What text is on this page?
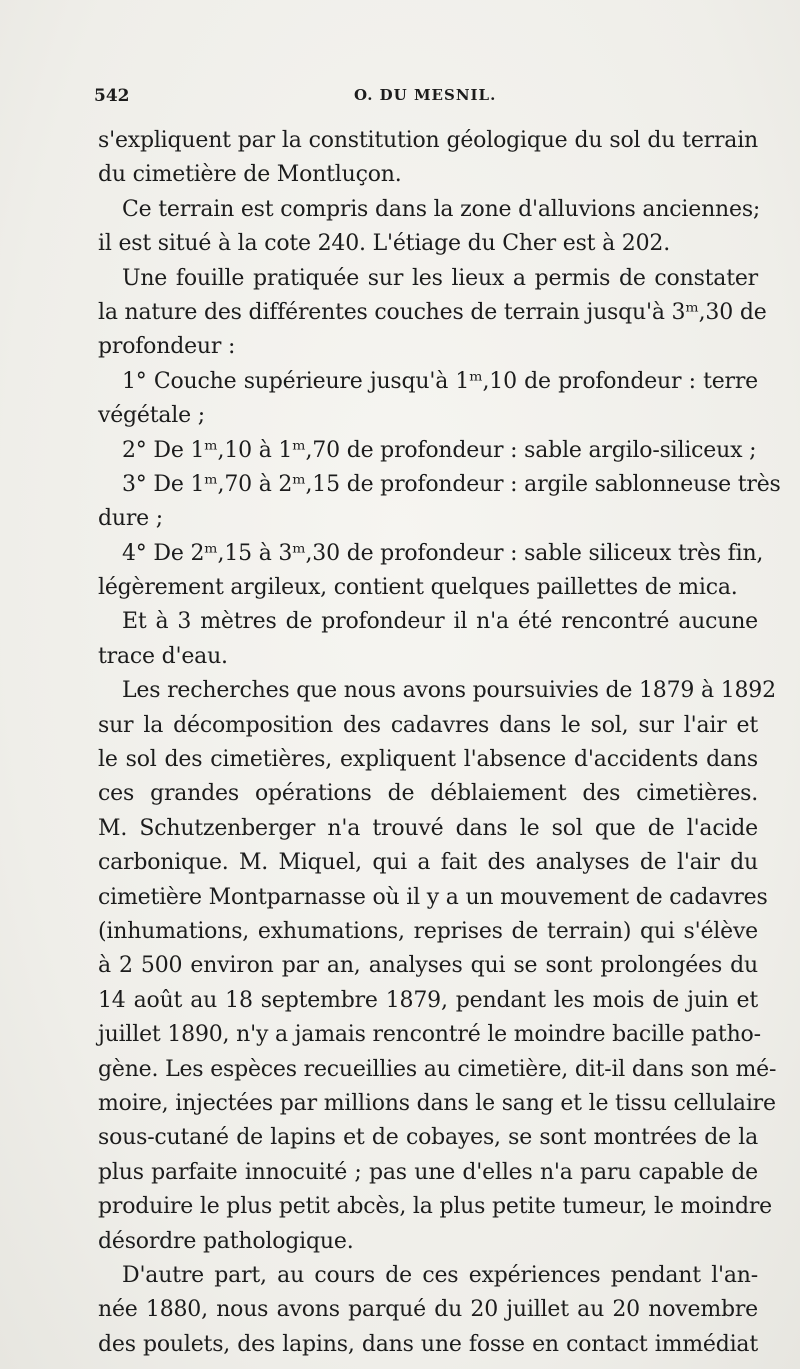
542	O. DU MESNIL.
s'expliquent par la constitution géologique du sol du terrain
du cimetière de Montluçon.
Ce terrain est compris dans la zone d'alluvions anciennes;
il est situé à la cote 240. L'étiage du Cher est à 202.
Une fouille pratiquée sur les lieux a permis de constater
la nature des différentes couches de terrain jusqu'à 3ᵐ,30 de
profondeur :
1° Couche supérieure jusqu'à 1ᵐ,10 de profondeur : terre
végétale ;
2° De 1ᵐ,10 à 1ᵐ,70 de profondeur : sable argilo-siliceux ;
3° De 1ᵐ,70 à 2ᵐ,15 de profondeur : argile sablonneuse très
dure ;
4° De 2ᵐ,15 à 3ᵐ,30 de profondeur : sable siliceux très fin,
légèrement argileux, contient quelques paillettes de mica.
Et à 3 mètres de profondeur il n'a été rencontré aucune
trace d'eau.
Les recherches que nous avons poursuivies de 1879 à 1892
sur la décomposition des cadavres dans le sol, sur l'air et
le sol des cimetières, expliquent l'absence d'accidents dans
ces grandes opérations de déblaiement des cimetières.
M. Schutzenberger n'a trouvé dans le sol que de l'acide
carbonique. M. Miquel, qui a fait des analyses de l'air du
cimetière Montparnasse où il y a un mouvement de cadavres
(inhumations, exhumations, reprises de terrain) qui s'élève
à 2 500 environ par an, analyses qui se sont prolongées du
14 août au 18 septembre 1879, pendant les mois de juin et
juillet 1890, n'y a jamais rencontré le moindre bacille patho-
gène. Les espèces recueillies au cimetière, dit-il dans son mé-
moire, injectées par millions dans le sang et le tissu cellulaire
sous-cutané de lapins et de cobayes, se sont montrées de la
plus parfaite innocuité ; pas une d'elles n'a paru capable de
produire le plus petit abcès, la plus petite tumeur, le moindre
désordre pathologique.
D'autre part, au cours de ces expériences pendant l'an-
née 1880, nous avons parqué du 20 juillet au 20 novembre
des poulets, des lapins, dans une fosse en contact immédiat
